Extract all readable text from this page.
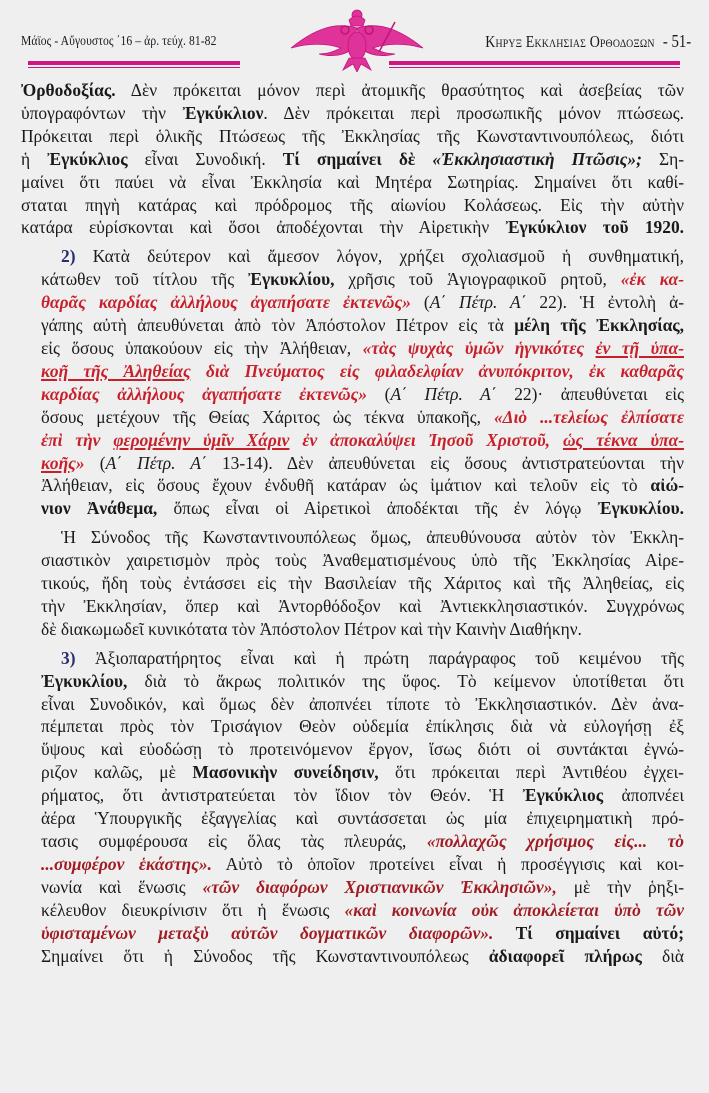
Μάϊος - Αὔγουστος ΄16 – ἀρ. τεύχ. 81-82	Κηρυξ Εκκλησιας Ορθοδοξων - 51-

Ὀρθοδοξίας. Δὲν πρόκειται μόνον περὶ ἀτομικῆς θρασύτητος καὶ ἀσεβείας τῶν
ὑπογραφόντων τὴν Ἐγκύκλιον. Δὲν πρόκειται περὶ προσωπικῆς μόνον πτώσεως.
Πρόκειται περὶ ὁλικῆς Πτώσεως τῆς Ἐκκλησίας τῆς Κωνσταντινουπόλεως, διότι
ἡ Ἐγκύκλιος εἶναι Συνοδική. Τί σημαίνει δὲ «Ἐκκλησιαστικὴ Πτῶσις»; Ση-
μαίνει ὅτι παύει νὰ εἶναι Ἐκκλησία καὶ Μητέρα Σωτηρίας. Σημαίνει ὅτι καθί-
σταται πηγὴ κατάρας καὶ πρόδρομος τῆς αἰωνίου Κολάσεως. Εἰς τὴν αὐτὴν
κατάρα εὑρίσκονται καὶ ὅσοι ἀποδέχονται τὴν Αἱρετικὴν Ἐγκύκλιον τοῦ 1920.

2) Κατὰ δεύτερον καὶ ἄμεσον λόγον, χρήζει σχολιασμοῦ ἡ συνθηματική,
κάτωθεν τοῦ τίτλου τῆς Ἐγκυκλίου, χρῆσις τοῦ Ἁγιογραφικοῦ ρητοῦ, «ἐκ κα-
θαρᾶς καρδίας ἀλλήλους ἀγαπήσατε ἐκτενῶς» (Α΄ Πέτρ. Α΄ 22). Ἡ ἐντολὴ ἀ-
γάπης αὐτὴ ἀπευθύνεται ἀπὸ τὸν Ἀπόστολον Πέτρον εἰς τὰ μέλη τῆς Ἐκκλησίας,
εἰς ὅσους ὑπακούουν εἰς τὴν Ἀλήθειαν, «τὰς ψυχὰς ὑμῶν ἡγνικότες ἐν τῇ ὑπα-
κοῇ τῆς Ἀληθείας διὰ Πνεύματος εἰς φιλαδελφίαν ἀνυπόκριτον, ἐκ καθαρᾶς
καρδίας ἀλλήλους ἀγαπήσατε ἐκτενῶς» (Α΄ Πέτρ. Α΄ 22)· ἀπευθύνεται εἰς
ὅσους μετέχουν τῆς Θείας Χάριτος ὡς τέκνα ὑπακοῆς, «Διὸ ...τελείως ἐλπίσατε
ἐπὶ τὴν φερομένην ὑμῖν Χάριν ἐν ἀποκαλύψει Ἰησοῦ Χριστοῦ, ὡς τέκνα ὑπα-
κοῆς» (Α΄ Πέτρ. Α΄ 13-14). Δὲν ἀπευθύνεται εἰς ὅσους ἀντιστρατεύονται τὴν
Ἀλήθειαν, εἰς ὅσους ἔχουν ἐνδυθῆ κατάραν ὡς ἱμάτιον καὶ τελοῦν εἰς τὸ αἰώ-
νιον Ἀνάθεμα, ὅπως εἶναι οἱ Αἱρετικοὶ ἀποδέκται τῆς ἐν λόγῳ Ἐγκυκλίου.

Ἡ Σύνοδος τῆς Κωνσταντινουπόλεως ὅμως, ἀπευθύνουσα αὐτὸν τὸν Ἐκκλη-
σιαστικὸν χαιρετισμὸν πρὸς τοὺς Ἀναθεματισμένους ὑπὸ τῆς Ἐκκλησίας Αἱρε-
τικούς, ἤδη τοὺς ἐντάσσει εἰς τὴν Βασιλείαν τῆς Χάριτος καὶ τῆς Ἀληθείας, εἰς
τὴν Ἐκκλησίαν, ὅπερ καὶ Ἀντορθόδοξον καὶ Ἀντιεκκλησιαστικόν. Συγχρόνως
δὲ διακωμωδεῖ κυνικότατα τὸν Ἀπόστολον Πέτρον καὶ τὴν Καινὴν Διαθήκην.

3) Ἀξιοπαρατήρητος εἶναι καὶ ἡ πρώτη παράγραφος τοῦ κειμένου τῆς
Ἐγκυκλίου, διὰ τὸ ἄκρως πολιτικόν της ὕφος. Τὸ κείμενον ὑποτίθεται ὅτι
εἶναι Συνοδικόν, καὶ ὅμως δὲν ἀποπνέει τίποτε τὸ Ἐκκλησιαστικόν. Δὲν ἀνα-
πέμπεται πρὸς τὸν Τρισάγιον Θεὸν οὐδεμία ἐπίκλησις διὰ νὰ εὐλογήσῃ ἐξ
ὕψους καὶ εὐοδώσῃ τὸ προτεινόμενον ἔργον, ἴσως διότι οἱ συντάκται ἐγνώ-
ριζον καλῶς, μὲ Μασονικὴν συνείδησιν, ὅτι πρόκειται περὶ Ἀντιθέου ἐγχει-
ρήματος, ὅτι ἀντιστρατεύεται τὸν ἴδιον τὸν Θεόν. Ἡ Ἐγκύκλιος ἀποπνέει
ἀέρα Ὑπουργικῆς ἐξαγγελίας καὶ συντάσσεται ὡς μία ἐπιχειρηματικὴ πρό-
τασις συμφέρουσα εἰς ὅλας τὰς πλευράς, «πολλαχῶς χρήσιμος εἰς... τὸ
...συμφέρον ἑκάστης». Αὐτὸ τὸ ὁποῖον προτείνει εἶναι ἡ προσέγγισις καὶ κοι-
νωνία καὶ ἕνωσις «τῶν διαφόρων Χριστιανικῶν Ἐκκλησιῶν», μὲ τὴν ῥηξι-
κέλευθον διευκρίνισιν ὅτι ἡ ἕνωσις «καὶ κοινωνία οὐκ ἀποκλείεται ὑπὸ τῶν
ὑφισταμένων μεταξὺ αὐτῶν δογματικῶν διαφορῶν». Τί σημαίνει αὐτό;
Σημαίνει ὅτι ἡ Σύνοδος τῆς Κωνσταντινουπόλεως ἀδιαφορεῖ πλήρως διὰ
